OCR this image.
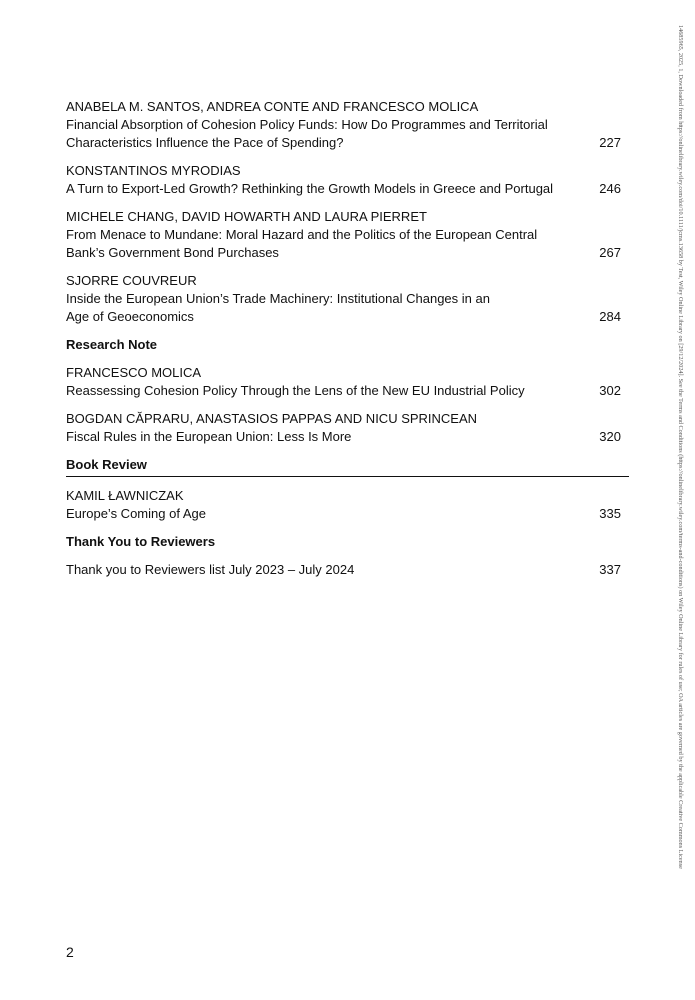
ANABELA M. SANTOS, ANDREA CONTE AND FRANCESCO MOLICA
Financial Absorption of Cohesion Policy Funds: How Do Programmes and Territorial Characteristics Influence the Pace of Spending?	227
KONSTANTINOS MYRODIAS
A Turn to Export-Led Growth? Rethinking the Growth Models in Greece and Portugal	246
MICHELE CHANG, DAVID HOWARTH AND LAURA PIERRET
From Menace to Mundane: Moral Hazard and the Politics of the European Central Bank’s Government Bond Purchases	267
SJORRE COUVREUR
Inside the European Union’s Trade Machinery: Institutional Changes in an Age of Geoeconomics	284
Research Note
FRANCESCO MOLICA
Reassessing Cohesion Policy Through the Lens of the New EU Industrial Policy	302
BOGDAN CĂPRARU, ANASTASIOS PAPPAS AND NICU SPRINCEAN
Fiscal Rules in the European Union: Less Is More	320
Book Review
KAMIL ŁAWNICZAK
Europe’s Coming of Age	335
Thank You to Reviewers
Thank you to Reviewers list July 2023 – July 2024	337
2
14685965, 2025, 1, Downloaded from https://onlinelibrary.wiley.com/doi/10.1111/jcms.13658 by Test, Wiley Online Library on [29/12/2024]. See the Terms and Conditions (https://onlinelibrary.wiley.com/terms-and-conditions) on Wiley Online Library for rules of use; OA articles are governed by the applicable Creative Commons License
